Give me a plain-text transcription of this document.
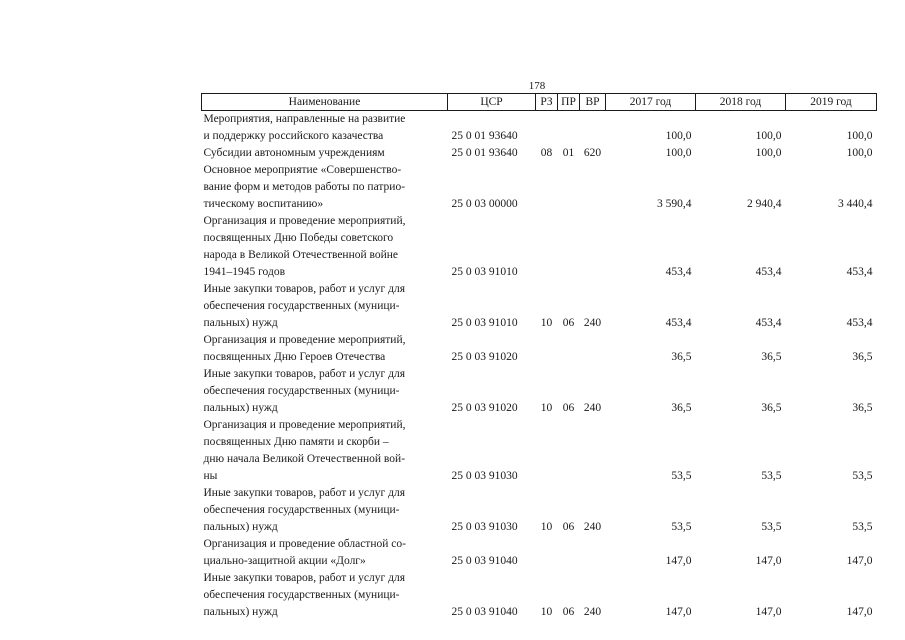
178
Наименование	ЦСР	РЗ	ПР	ВР	2017 год	2018 год	2019 год

Мероприятия, направленные на развитие
и поддержку российского казачества	25 0 01 93640				100,0	100,0	100,0

Субсидии автономным учреждениям	25 0 01 93640	08	01	620	100,0	100,0	100,0

Основное мероприятие «Совершенство-
вание форм и методов работы по патрио-
тическому воспитанию»	25 0 03 00000				3 590,4	2 940,4	3 440,4

Организация и проведение мероприятий,
посвященных Дню Победы советского
народа в Великой Отечественной войне
1941–1945 годов	25 0 03 91010				453,4	453,4	453,4

Иные закупки товаров, работ и услуг для
обеспечения государственных (муници-
пальных) нужд	25 0 03 91010	10	06	240	453,4	453,4	453,4

Организация и проведение мероприятий,
посвященных Дню Героев Отечества	25 0 03 91020				36,5	36,5	36,5

Иные закупки товаров, работ и услуг для
обеспечения государственных (муници-
пальных) нужд	25 0 03 91020	10	06	240	36,5	36,5	36,5

Организация и проведение мероприятий,
посвященных Дню памяти и скорби –
дню начала Великой Отечественной вой-
ны	25 0 03 91030				53,5	53,5	53,5

Иные закупки товаров, работ и услуг для
обеспечения государственных (муници-
пальных) нужд	25 0 03 91030	10	06	240	53,5	53,5	53,5

Организация и проведение областной со-
циально-защитной акции «Долг»	25 0 03 91040				147,0	147,0	147,0

Иные закупки товаров, работ и услуг для
обеспечения государственных (муници-
пальных) нужд	25 0 03 91040	10	06	240	147,0	147,0	147,0
